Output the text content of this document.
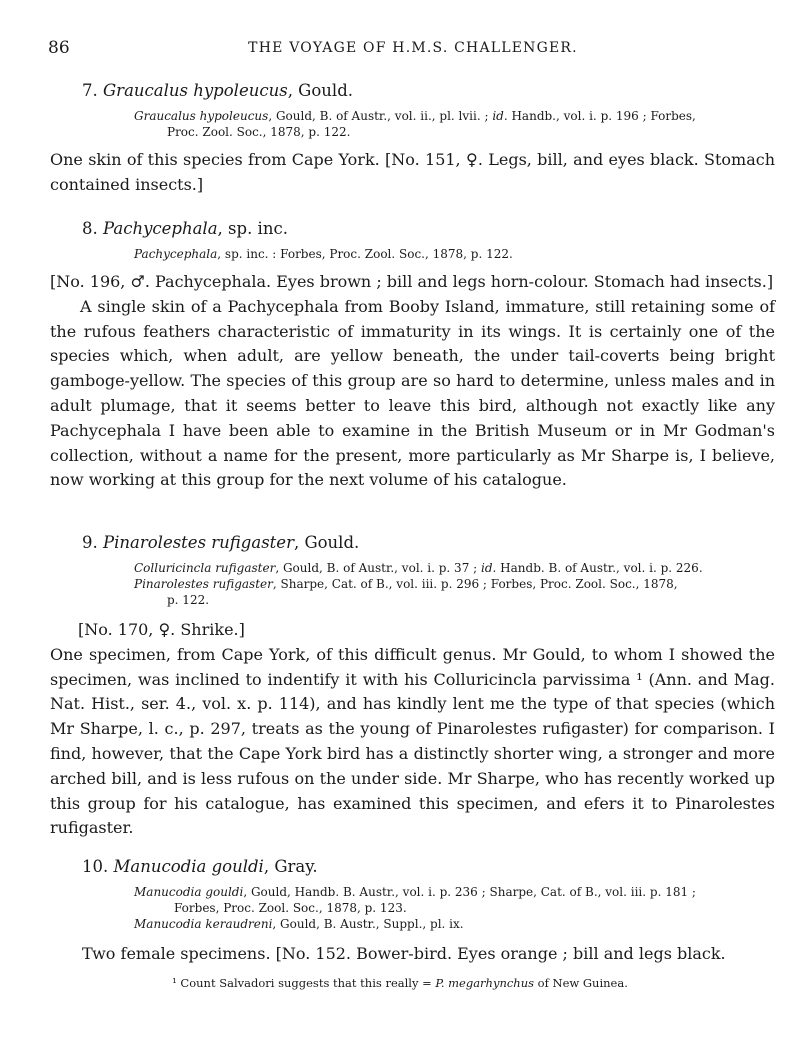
86	THE VOYAGE OF H.M.S. CHALLENGER.
7. Graucalus hypoleucus, Gould.
Graucalus hypoleucus, Gould, B. of Austr., vol. ii., pl. lvii. ; id. Handb., vol. i. p. 196 ; Forbes,
Proc. Zool. Soc., 1878, p. 122.

One skin of this species from Cape York. [No. 151, ♀. Legs, bill, and eyes black. Stomach contained insects.]

8. Pachycephala, sp. inc.
Pachycephala, sp. inc. : Forbes, Proc. Zool. Soc., 1878, p. 122.

[No. 196, ♂. Pachycephala. Eyes brown ; bill and legs horn-colour. Stomach had insects.]

A single skin of a Pachycephala from Booby Island, immature, still retaining some of the rufous feathers characteristic of immaturity in its wings. It is certainly one of the species which, when adult, are yellow beneath, the under tail-coverts being bright gamboge-yellow. The species of this group are so hard to determine, unless males and in adult plumage, that it seems better to leave this bird, although not exactly like any Pachycephala I have been able to examine in the British Museum or in Mr Godman's collection, without a name for the present, more particularly as Mr Sharpe is, I believe, now working at this group for the next volume of his catalogue.

9. Pinarolestes rufigaster, Gould.
Colluricincla rufigaster, Gould, B. of Austr., vol. i. p. 37 ; id. Handb. B. of Austr., vol. i. p. 226.
Pinarolestes rufigaster, Sharpe, Cat. of B., vol. iii. p. 296 ; Forbes, Proc. Zool. Soc., 1878,
p. 122.

[No. 170, ♀. Shrike.]

One specimen, from Cape York, of this difficult genus. Mr Gould, to whom I showed the specimen, was inclined to indentify it with his Colluricincla parvissima ¹ (Ann. and Mag. Nat. Hist., ser. 4., vol. x. p. 114), and has kindly lent me the type of that species (which Mr Sharpe, l. c., p. 297, treats as the young of Pinarolestes rufigaster) for comparison. I find, however, that the Cape York bird has a distinctly shorter wing, a stronger and more arched bill, and is less rufous on the under side. Mr Sharpe, who has recently worked up this group for his catalogue, has examined this specimen, and efers it to Pinarolestes rufigaster.

10. Manucodia gouldi, Gray.
Manucodia gouldi, Gould, Handb. B. Austr., vol. i. p. 236 ; Sharpe, Cat. of B., vol. iii. p. 181 ;
Forbes, Proc. Zool. Soc., 1878, p. 123.
Manucodia keraudreni, Gould, B. Austr., Suppl., pl. ix.

Two female specimens. [No. 152. Bower-bird. Eyes orange ; bill and legs black.

¹ Count Salvadori suggests that this really = P. megarhynchus of New Guinea.
